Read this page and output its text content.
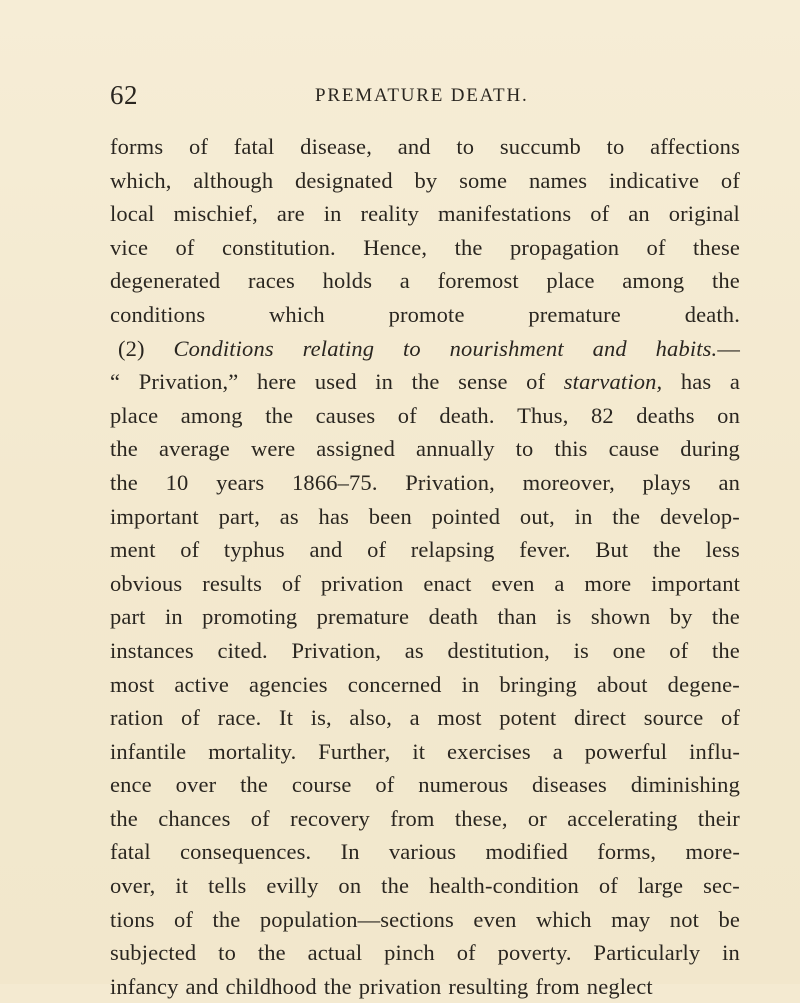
62	PREMATURE DEATH.
forms of fatal disease, and to succumb to affections
which, although designated by some names indicative of
local mischief, are in reality manifestations of an original
vice of constitution. Hence, the propagation of these
degenerated races holds a foremost place among the
conditions	which	promote	premature	death.
(2) Conditions relating to nourishment and habits.—
“ Privation,” here used in the sense of starvation, has a
place among the causes of death. Thus, 82 deaths on
the average were assigned annually to this cause during
the 10 years 1866–75. Privation, moreover, plays an
important part, as has been pointed out, in the develop-
ment of typhus and of relapsing fever. But the less
obvious results of privation enact even a more important
part in promoting premature death than is shown by the
instances cited. Privation, as destitution, is one of the
most active agencies concerned in bringing about degene-
ration of race. It is, also, a most potent direct source of
infantile mortality. Further, it exercises a powerful influ-
ence over the course of numerous diseases diminishing
the chances of recovery from these, or accelerating their
fatal consequences. In various modified forms, more-
over, it tells evilly on the health-condition of large sec-
tions of the population—sections even which may not be
subjected to the actual pinch of poverty. Particularly in
infancy and childhood the privation resulting from neglect
